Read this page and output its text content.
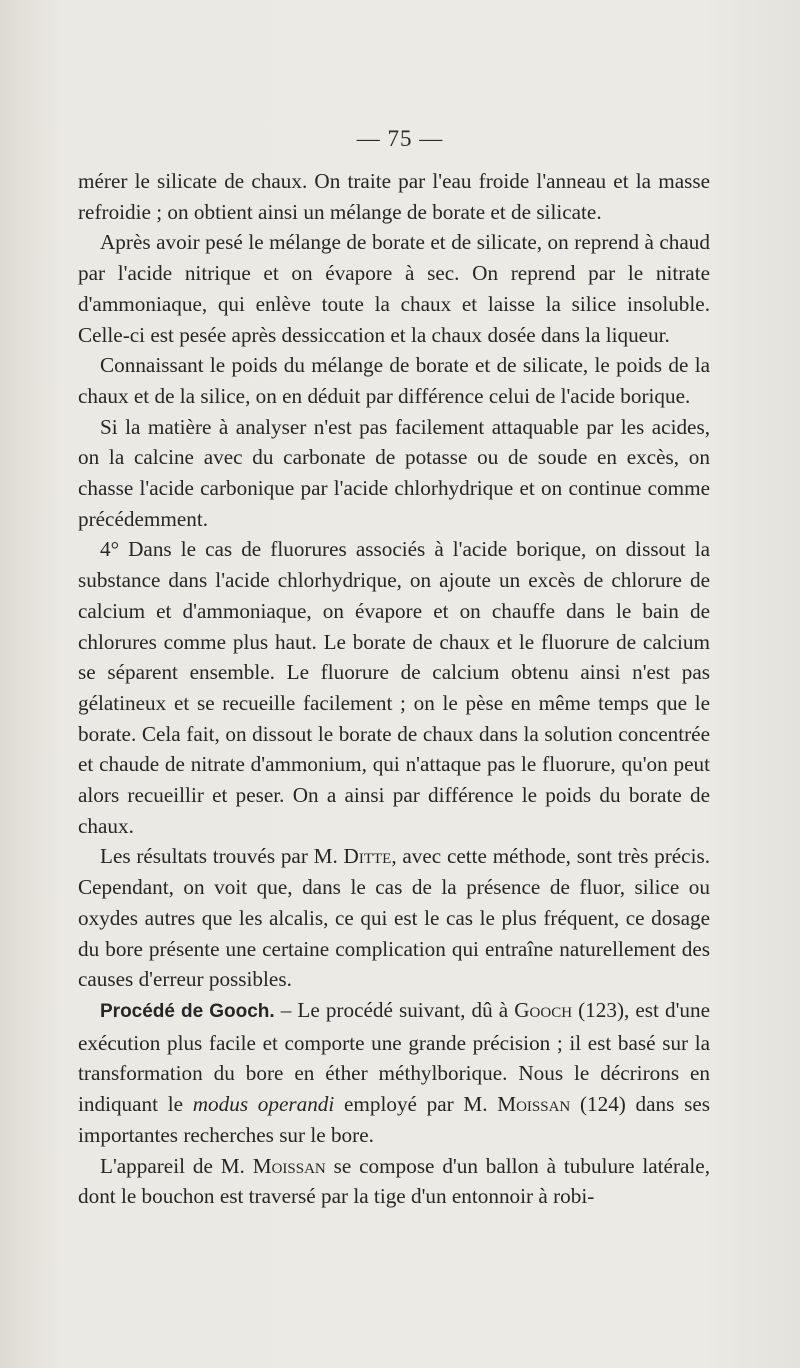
— 75 —

mérer le silicate de chaux. On traite par l'eau froide l'anneau et la masse refroidie ; on obtient ainsi un mélange de borate et de silicate.

Après avoir pesé le mélange de borate et de silicate, on reprend à chaud par l'acide nitrique et on évapore à sec. On reprend par le nitrate d'ammoniaque, qui enlève toute la chaux et laisse la silice insoluble. Celle-ci est pesée après dessiccation et la chaux dosée dans la liqueur.

Connaissant le poids du mélange de borate et de silicate, le poids de la chaux et de la silice, on en déduit par différence celui de l'acide borique.

Si la matière à analyser n'est pas facilement attaquable par les acides, on la calcine avec du carbonate de potasse ou de soude en excès, on chasse l'acide carbonique par l'acide chlorhydrique et on continue comme précédemment.

4° Dans le cas de fluorures associés à l'acide borique, on dissout la substance dans l'acide chlorhydrique, on ajoute un excès de chlorure de calcium et d'ammoniaque, on évapore et on chauffe dans le bain de chlorures comme plus haut. Le borate de chaux et le fluorure de calcium se séparent ensemble. Le fluorure de calcium obtenu ainsi n'est pas gélatineux et se recueille facilement ; on le pèse en même temps que le borate. Cela fait, on dissout le borate de chaux dans la solution concentrée et chaude de nitrate d'ammonium, qui n'attaque pas le fluorure, qu'on peut alors recueillir et peser. On a ainsi par différence le poids du borate de chaux.

Les résultats trouvés par M. Ditte, avec cette méthode, sont très précis. Cependant, on voit que, dans le cas de la présence de fluor, silice ou oxydes autres que les alcalis, ce qui est le cas le plus fréquent, ce dosage du bore présente une certaine complication qui entraîne naturellement des causes d'erreur possibles.

Procédé de Gooch. – Le procédé suivant, dû à Gooch (123), est d'une exécution plus facile et comporte une grande précision ; il est basé sur la transformation du bore en éther méthylborique. Nous le décrirons en indiquant le modus operandi employé par M. Moissan (124) dans ses importantes recherches sur le bore.

L'appareil de M. Moissan se compose d'un ballon à tubulure latérale, dont le bouchon est traversé par la tige d'un entonnoir à robi-
